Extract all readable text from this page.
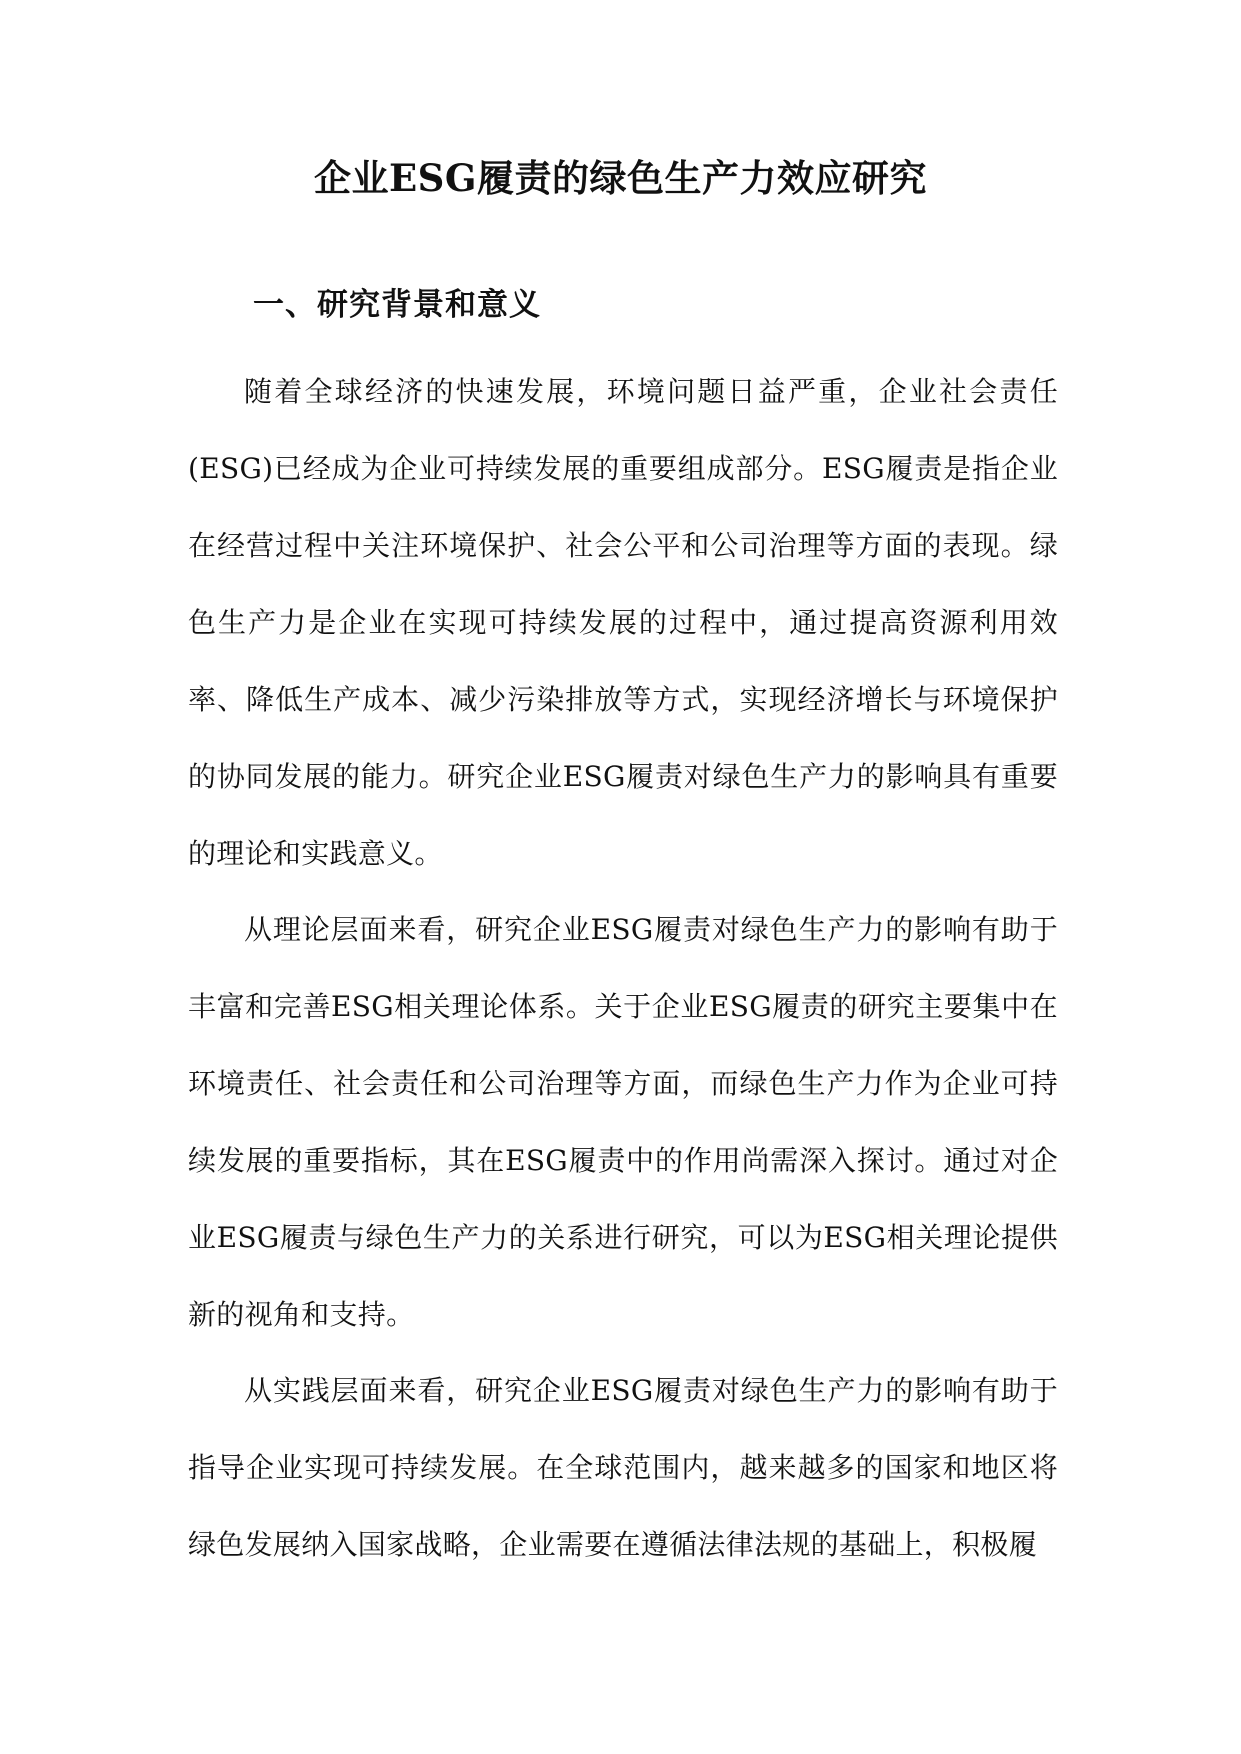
企业ESG履责的绿色生产力效应研究
一、研究背景和意义

随着全球经济的快速发展，环境问题日益严重，企业社会责任(ESG)已经成为企业可持续发展的重要组成部分。ESG履责是指企业在经营过程中关注环境保护、社会公平和公司治理等方面的表现。绿色生产力是企业在实现可持续发展的过程中，通过提高资源利用效率、降低生产成本、减少污染排放等方式，实现经济增长与环境保护的协同发展的能力。研究企业ESG履责对绿色生产力的影响具有重要的理论和实践意义。

从理论层面来看，研究企业ESG履责对绿色生产力的影响有助于丰富和完善ESG相关理论体系。关于企业ESG履责的研究主要集中在环境责任、社会责任和公司治理等方面，而绿色生产力作为企业可持续发展的重要指标，其在ESG履责中的作用尚需深入探讨。通过对企业ESG履责与绿色生产力的关系进行研究，可以为ESG相关理论提供新的视角和支持。

从实践层面来看，研究企业ESG履责对绿色生产力的影响有助于指导企业实现可持续发展。在全球范围内，越来越多的国家和地区将绿色发展纳入国家战略，企业需要在遵循法律法规的基础上，积极履
